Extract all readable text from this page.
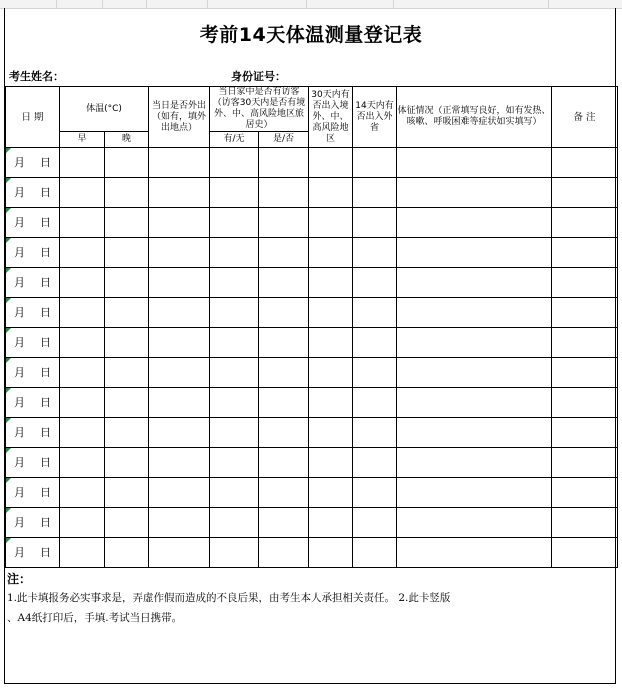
考前14天体温测量登记表
考生姓名：	身份证号：
日 期	体温(°C)		当日是否外出（如有，填外出地点）	当日家中是否有访客（访客30天内是否有境外、中、高风险地区旅居史）		30天内有否出入境外、中、高风险地区	14天内有否出入外省	体征情况（正常填写良好，如有发热、咳嗽、呼吸困难等症状如实填写）	备 注
	早	晚		有/无	是/否				

月 日									

月 日									

月 日									

月 日									

月 日									

月 日									

月 日									

月 日									

月 日									

月 日									

月 日									

月 日									

月 日									

月 日									
注：
1.此卡填报务必实事求是，弄虚作假而造成的不良后果，由考生本人承担相关责任。 2.此卡竖版
、A4纸打印后，手填.考试当日携带。
